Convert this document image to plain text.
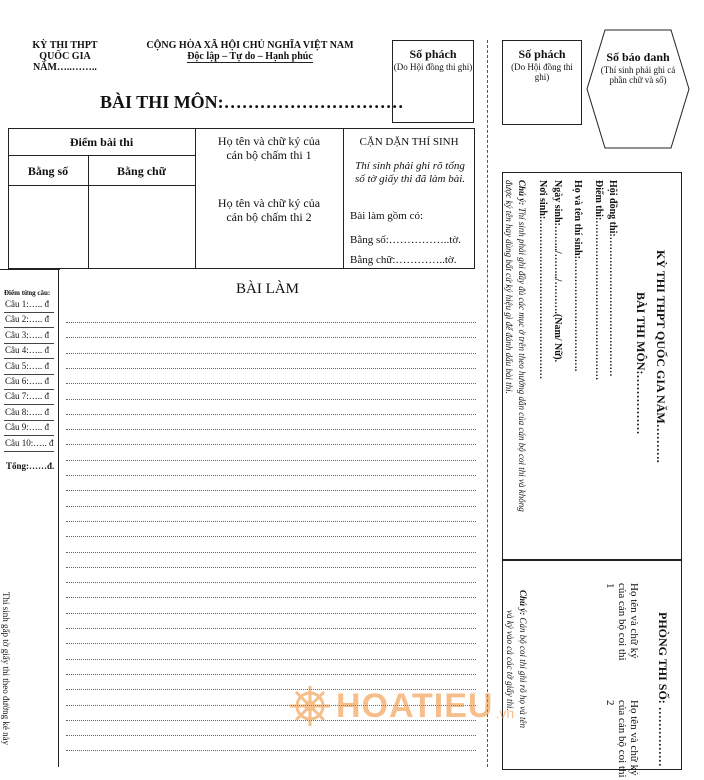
KỲ THI THPT
QUỐC GIA NĂM…..……..
CỘNG HÒA XÃ HỘI CHỦ NGHĨA VIỆT NAM
Độc lập – Tự do – Hạnh phúc
BÀI THI MÔN:…………………………
Số phách
(Do Hội đồng thi ghi)
Số phách
(Do Hội đồng thi ghi)
Số báo danh
(Thí sinh phải ghi cả phần chữ và số)
Điểm bài thi
Bằng số	Bằng chữ
Họ tên và chữ ký của cán bộ chấm thi 1
Họ tên và chữ ký của cán bộ chấm thi 2
CẶN DẶN THÍ SINH
Thí sinh phải ghi rõ tổng số tờ giấy thi đã làm bài.
Bài làm gồm có:
Bằng số:……………..tờ.
Bằng chữ:…………..tờ.
BÀI LÀM
Điểm từng câu:
Câu 1:….. đ
Câu 2:….. đ
Câu 3:….. đ
Câu 4:….. đ
Câu 5:….. đ
Câu 6:….. đ
Câu 7:….. đ
Câu 8:….. đ
Câu 9:….. đ
Câu 10:….. đ
Tổng:……đ.
Thí sinh gấp tờ giấy thi theo đường kẻ này
KỲ THI THPT QUỐC GIA NĂM……….
BÀI THI MÔN:……………
Hội đồng thi:……………………………………
Điểm thi:…………………………………………
Họ và tên thí sinh:…………………………….
Ngày sinh:……../……../……….(Nam/ Nữ).
Nơi sinh:…………………………………………
Chú ý: Thí sinh phải ghi đầy đủ các mục ở trên theo hướng dẫn của cán bộ coi thi và không
được ký tên hay dùng bất cứ ký hiệu gì để đánh dấu bài thi.
PHÒNG THI SỐ: ……………
Họ tên và chữ ký của cán bộ coi thi 1
Họ tên và chữ ký của cán bộ coi thi 2
Chú ý: Cán bộ coi thi ghi rõ họ và tên
và ký vào cả các tờ giấy thi.
HOATIEU .vn
